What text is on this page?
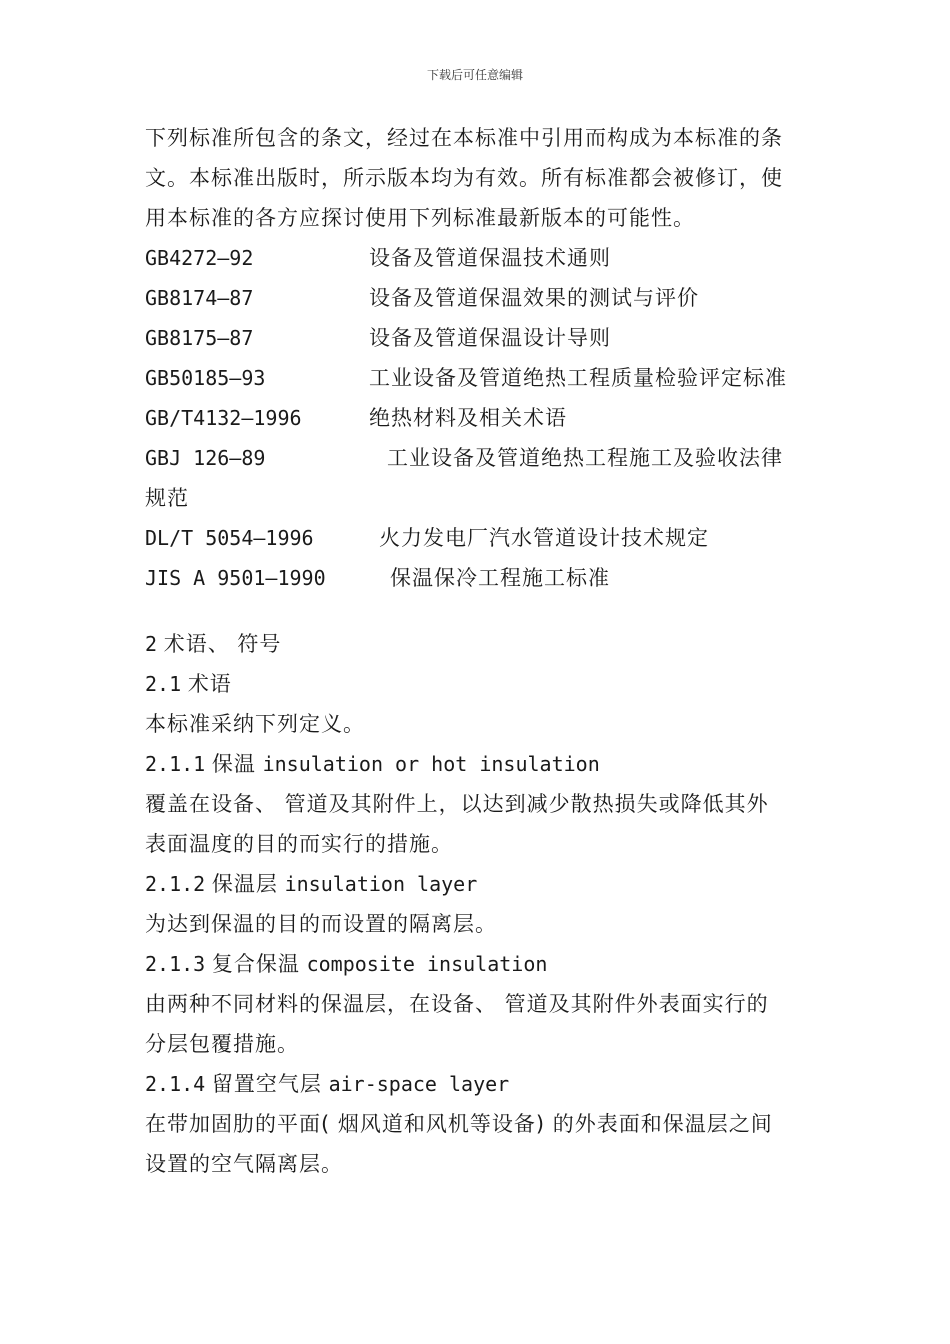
下载后可任意编辑
下列标准所包含的条文，经过在本标准中引用而构成为本标准的条
文。本标准出版时，所示版本均为有效。所有标准都会被修订，使
用本标准的各方应探讨使用下列标准最新版本的可能性。
GB4272—92	设备及管道保温技术通则
GB8174—87	设备及管道保温效果的测试与评价
GB8175—87	设备及管道保温设计导则
GB50185—93	工业设备及管道绝热工程质量检验评定标准
GB/T4132—1996	绝热材料及相关术语
GBJ 126—89	工业设备及管道绝热工程施工及验收法律
规范
DL/T 5054—1996	火力发电厂汽水管道设计技术规定
JIS A 9501—1990	保温保冷工程施工标准
2 术语、 符号
2.1 术语
本标准采纳下列定义。
2.1.1 保温 insulation or hot insulation
覆盖在设备、 管道及其附件上，以达到减少散热损失或降低其外
表面温度的目的而实行的措施。
2.1.2 保温层 insulation layer
为达到保温的目的而设置的隔离层。
2.1.3 复合保温 composite insulation
由两种不同材料的保温层，在设备、 管道及其附件外表面实行的
分层包覆措施。
2.1.4 留置空气层 air-space layer
在带加固肋的平面( 烟风道和风机等设备) 的外表面和保温层之间
设置的空气隔离层。
